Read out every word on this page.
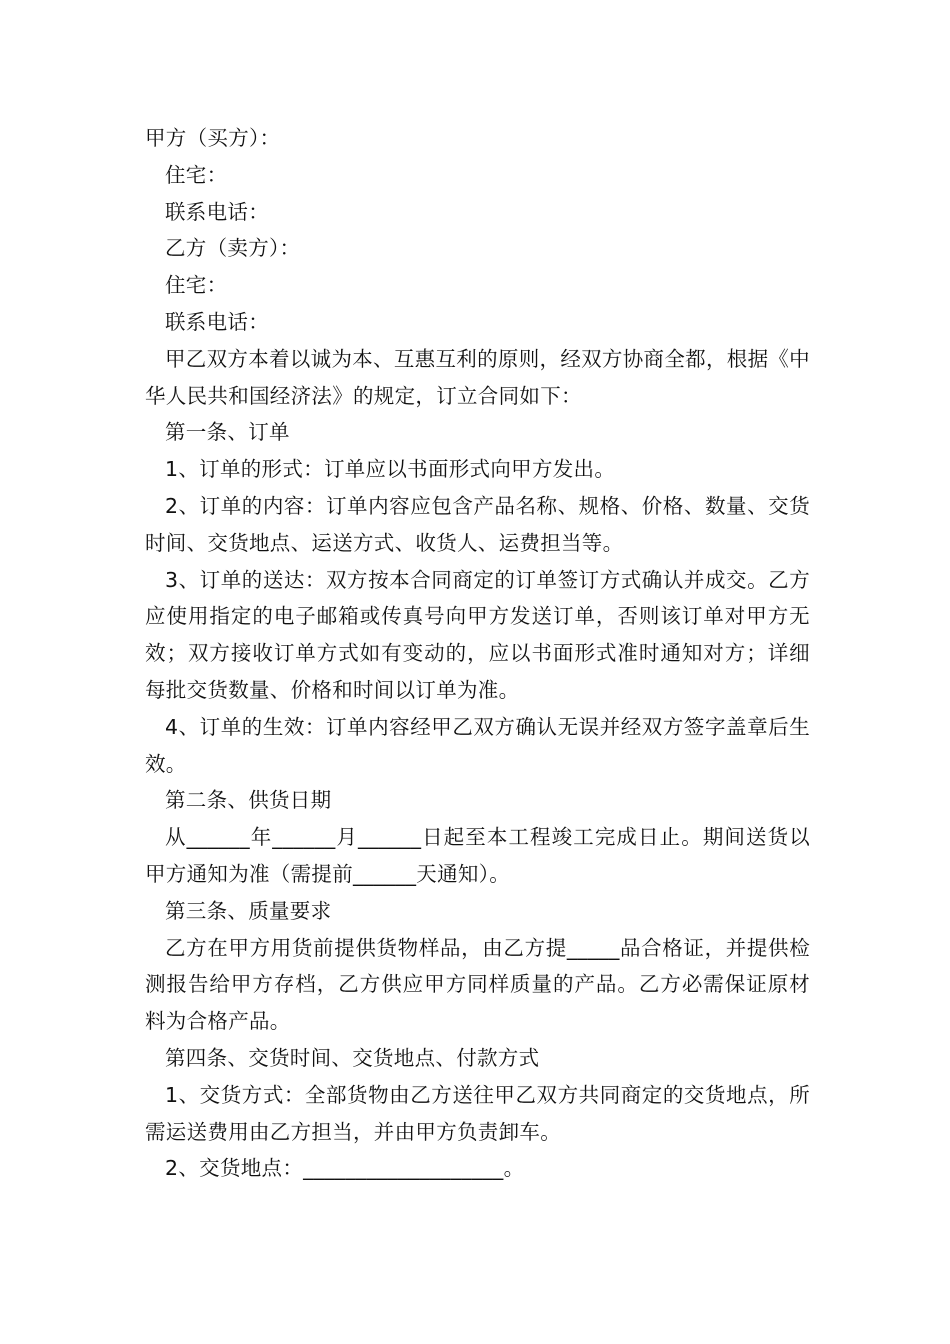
甲方（买方）：
住宅：
联系电话：
乙方（卖方）：
住宅：
联系电话：
甲乙双方本着以诚为本、互惠互利的原则，经双方协商全都，根据《中华人民共和国经济法》的规定，订立合同如下：
第一条、订单
1、订单的形式：订单应以书面形式向甲方发出。
2、订单的内容：订单内容应包含产品名称、规格、价格、数量、交货时间、交货地点、运送方式、收货人、运费担当等。
3、订单的送达：双方按本合同商定的订单签订方式确认并成交。乙方应使用指定的电子邮箱或传真号向甲方发送订单，否则该订单对甲方无效；双方接收订单方式如有变动的，应以书面形式准时通知对方；详细每批交货数量、价格和时间以订单为准。
4、订单的生效：订单内容经甲乙双方确认无误并经双方签字盖章后生效。
第二条、供货日期
从______年______月______日起至本工程竣工完成日止。期间送货以甲方通知为准（需提前______天通知）。
第三条、质量要求
乙方在甲方用货前提供货物样品，由乙方提_____品合格证，并提供检测报告给甲方存档，乙方供应甲方同样质量的产品。乙方必需保证原材料为合格产品。
第四条、交货时间、交货地点、付款方式
1、交货方式：全部货物由乙方送往甲乙双方共同商定的交货地点，所需运送费用由乙方担当，并由甲方负责卸车。
2、交货地点：___________________。
